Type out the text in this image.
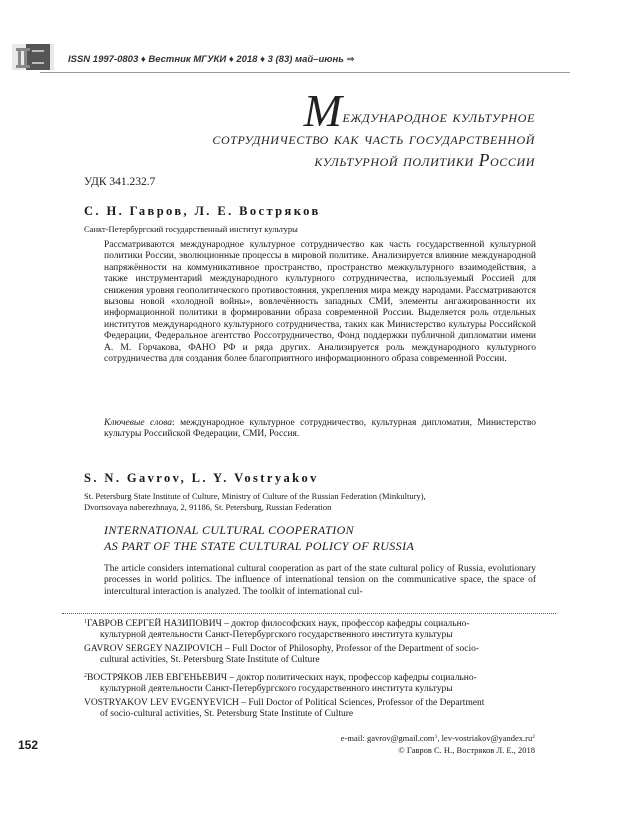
ISSN 1997-0803 ♦ Вестник МГУКИ ♦ 2018 ♦ 3 (83) май–июнь ⇒
Международное культурное
сотрудничество как часть государственной
культурной политики России
УДК 341.232.7
С. Н. Гавров, Л. Е. Востряков
Санкт-Петербургский государственный институт культуры
Рассматриваются международное культурное сотрудничество как часть государственной культурной политики России, эволюционные процессы в мировой политике. Анализируется влияние международной напряжённости на коммуникативное пространство, пространство межкультурного взаимодействия, а также инструментарий международного культурного сотрудничества, используемый Россией для снижения уровня геополитического противостояния, укрепления мира между народами. Рассматриваются вызовы новой «холодной войны», вовлечённость западных СМИ, элементы ангажированности их информационной политики в формировании образа современной России. Выделяется роль отдельных институтов международного культурного сотрудничества, таких как Министерство культуры Российской Федерации, Федеральное агентство Россотрудничество, Фонд поддержки публичной дипломатии имени А. М. Горчакова, ФАНО РФ и ряда других. Анализируется роль международного культурного сотрудничества для создания более благоприятного информационного образа современной России.
Ключевые слова: международное культурное сотрудничество, культурная дипломатия, Министерство культуры Российской Федерации, СМИ, Россия.
S. N. Gavrov, L. Y. Vostryakov
St. Petersburg State Institute of Culture, Ministry of Culture of the Russian Federation (Minkultury),
Dvortsovaya naberezhnaya, 2, 91186, St. Petersburg, Russian Federation
INTERNATIONAL CULTURAL COOPERATION
AS PART OF THE STATE CULTURAL POLICY OF RUSSIA
The article considers international cultural cooperation as part of the state cultural policy of Russia, evolutionary processes in world politics. The influence of international tension on the communicative space, the space of intercultural interaction is analyzed. The toolkit of international cul-
$^1$ГАВРОВ СЕРГЕЙ НАЗИПОВИЧ – доктор философских наук, профессор кафедры социально-
культурной деятельности Санкт-Петербургского государственного института культуры
GAVROV SERGEY NAZIPOVICH – Full Doctor of Philosophy, Professor of the Department of socio-
cultural activities, St. Petersburg State Institute of Culture
$^2$ВОСТРЯКОВ ЛЕВ ЕВГЕНЬЕВИЧ – доктор политических наук, профессор кафедры социально-
культурной деятельности Санкт-Петербургского государственного института культуры
VOSTRYAKOV LEV EVGENYEVICH – Full Doctor of Political Sciences, Professor of the Department
of socio-cultural activities, St. Petersburg State Institute of Culture
152	e-mail: gavrov@gmail.com$^1$, lev-$vostriakov@yandex.ru^2$
© Гавров С. Н., Востряков Л. Е., 2018
